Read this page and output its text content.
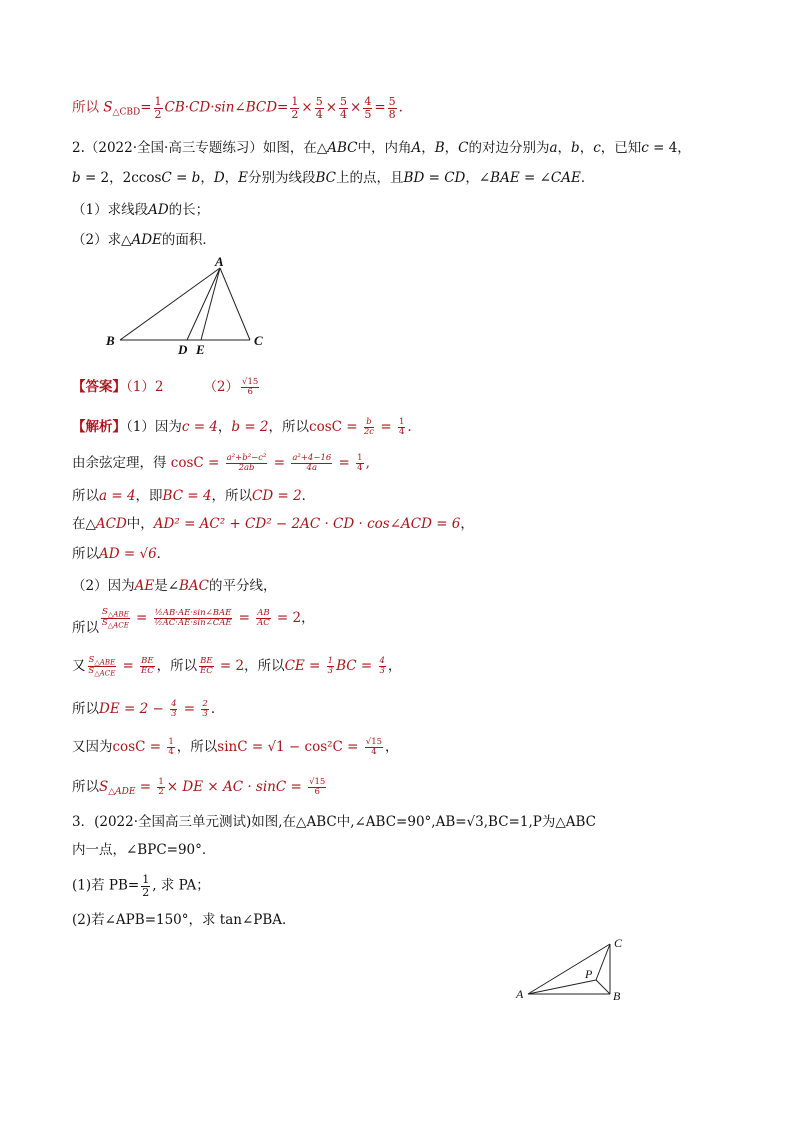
所以 $S_{\triangle CBD}= \frac{1}{2}$ CB·CD·sin∠BCD= $\frac{1}{2} \times \frac{5}{4} \times \frac{5}{4} \times \frac{4}{5} = \frac{5}{8}$ .
2.（2022·全国·高三专题练习）如图，在△ABC中，内角A，B，C的对边分别为a，b，c，已知c = 4，
b = 2，2ccosC = b，D，E分别为线段BC上的点，且BD = CD，∠BAE = ∠CAE．
（1）求线段AD的长；
（2）求△ADE的面积．
A
B	C
D E
【答案】（1）2	$(2) \frac{√15}{6}$
【解析】（1）因为c = 4，b = 2，所以$\cos C = \frac{b}{2c} = \frac{1}{4}$ .
由余弦定理，得 $\cos C = \frac{\text{a²+b²−c²}}{2ab} = \frac{\text{a²+4−16}}{4a} = \frac{1}{4}$ ,
所以a = 4，即BC = 4，所以CD = 2．
在△ACD中，AD² = AC² + CD² − 2AC · CD · cos∠ACD = 6，
所以AD = √6．
（2）因为AE是∠BAC的平分线，
所以 $\frac{S_{\triangle ABE}}{S_{\triangle ACE}} = \frac{\text{½AB·AE·sin∠BAE}}{\text{½AC·AE·sin∠CAE}} = \frac{AB}{AC} = 2$，
又 $\frac{S_{\triangle ABE}}{S_{\triangle ACE}} = \frac{BE}{EC}$ ，所以 $\frac{BE}{EC} = 2$，所以CE = $\frac{1}{3}$ BC = $\frac{4}{3}$ ，
所以DE = $2 - \frac{4}{3} = \frac{2}{3}$ ．
又因为$\cos C = \frac{1}{4}$ ，所以$\sin C = √1 - \cos^2C = \frac{√15}{4}$ ，
所以$S_{\triangle ADE} = \frac{1}{2}$ × DE × AC · $\sin C = \frac{√15}{6}$
3．(2022·全国高三单元测试)如图,在△ABC中,∠ABC=90°,AB=√3,BC=1,P为△ABC
内一点，∠BPC=90°．
(1)若 $PB= \frac{1}{2}$ , 求 PA；
(2)若∠APB=150°，求 tan∠PBA．
A	B
C
P
